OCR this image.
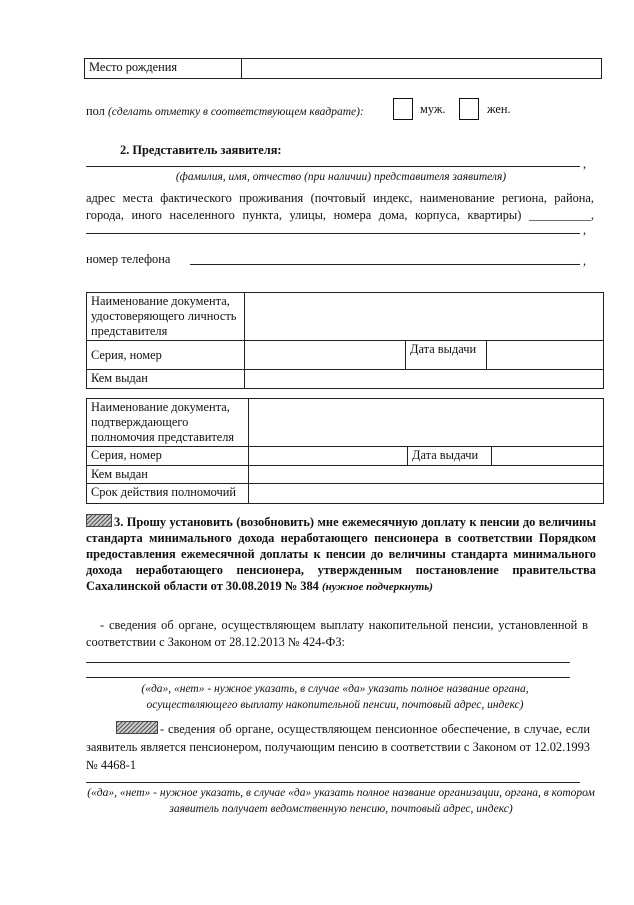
Место рождения	
пол (сделать отметку в соответствующем квадрате):	муж.	жен.
2. Представитель заявителя:
,
(фамилия, имя, отчество (при наличии) представителя заявителя)
адрес места фактического проживания (почтовый индекс, наименование региона, района,
города, иного населенного пункта, улицы, номера дома, корпуса, квартиры) __________,
,
номер телефона	,
Наименование документа, удостоверяющего личность представителя			
Серия, номер		Дата выдачи	
Кем выдан			
Наименование документа, подтверждающего полномочия представителя			
Серия, номер		Дата выдачи	
Кем выдан			
Срок действия полномочий			
3. Прошу установить (возобновить) мне ежемесячную доплату к пенсии до величины стандарта минимального дохода неработающего пенсионера в соответствии Порядком предоставления ежемесячной доплаты к пенсии до величины стандарта минимального дохода неработающего пенсионера, утвержденным постановление правительства Сахалинской области от 30.08.2019 № 384 (нужное подчеркнуть)
- сведения об органе, осуществляющем выплату накопительной пенсии, установленной в соответствии с Законом от 28.12.2013 № 424-ФЗ:
(«да», «нет» - нужное указать, в случае «да» указать полное название органа, осуществляющего выплату накопительной пенсии, почтовый адрес, индекс)
- сведения об органе, осуществляющем пенсионное обеспечение, в случае, если заявитель является пенсионером, получающим пенсию в соответствии с Законом от 12.02.1993 № 4468-1
(«да», «нет» - нужное указать, в случае «да» указать полное название организации, органа, в котором заявитель получает ведомственную пенсию, почтовый адрес, индекс)
